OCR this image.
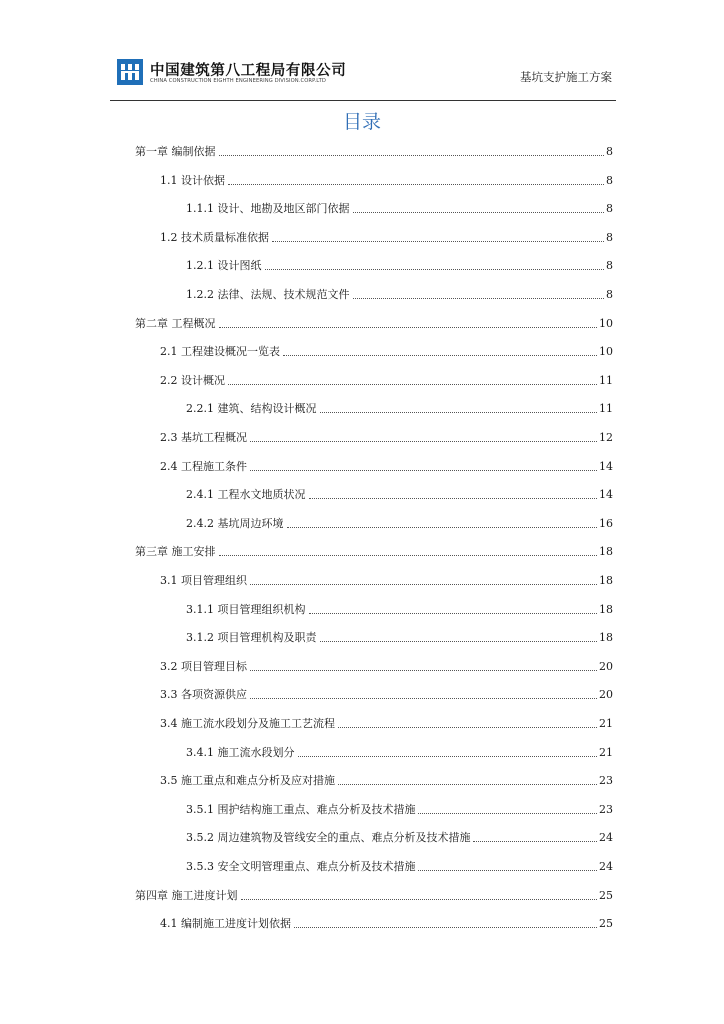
中国建筑第八工程局有限公司
CHINA CONSTRUCTION EIGHTH ENGINEERING DIVISION.CORP.LTD	基坑支护施工方案
目录
第一章 编制依据	8
1.1 设计依据	8
1.1.1 设计、地勘及地区部门依据	8
1.2 技术质量标准依据	8
1.2.1 设计图纸	8
1.2.2 法律、法规、技术规范文件	8
第二章 工程概况	10
2.1 工程建设概况一览表	10
2.2 设计概况	11
2.2.1 建筑、结构设计概况	11
2.3 基坑工程概况	12
2.4 工程施工条件	14
2.4.1 工程水文地质状况	14
2.4.2 基坑周边环境	16
第三章 施工安排	18
3.1 项目管理组织	18
3.1.1 项目管理组织机构	18
3.1.2 项目管理机构及职责	18
3.2 项目管理目标	20
3.3 各项资源供应	20
3.4 施工流水段划分及施工工艺流程	21
3.4.1 施工流水段划分	21
3.5 施工重点和难点分析及应对措施	23
3.5.1 围护结构施工重点、难点分析及技术措施	23
3.5.2 周边建筑物及管线安全的重点、难点分析及技术措施	24
3.5.3 安全文明管理重点、难点分析及技术措施	24
第四章 施工进度计划	25
4.1 编制施工进度计划依据	25
